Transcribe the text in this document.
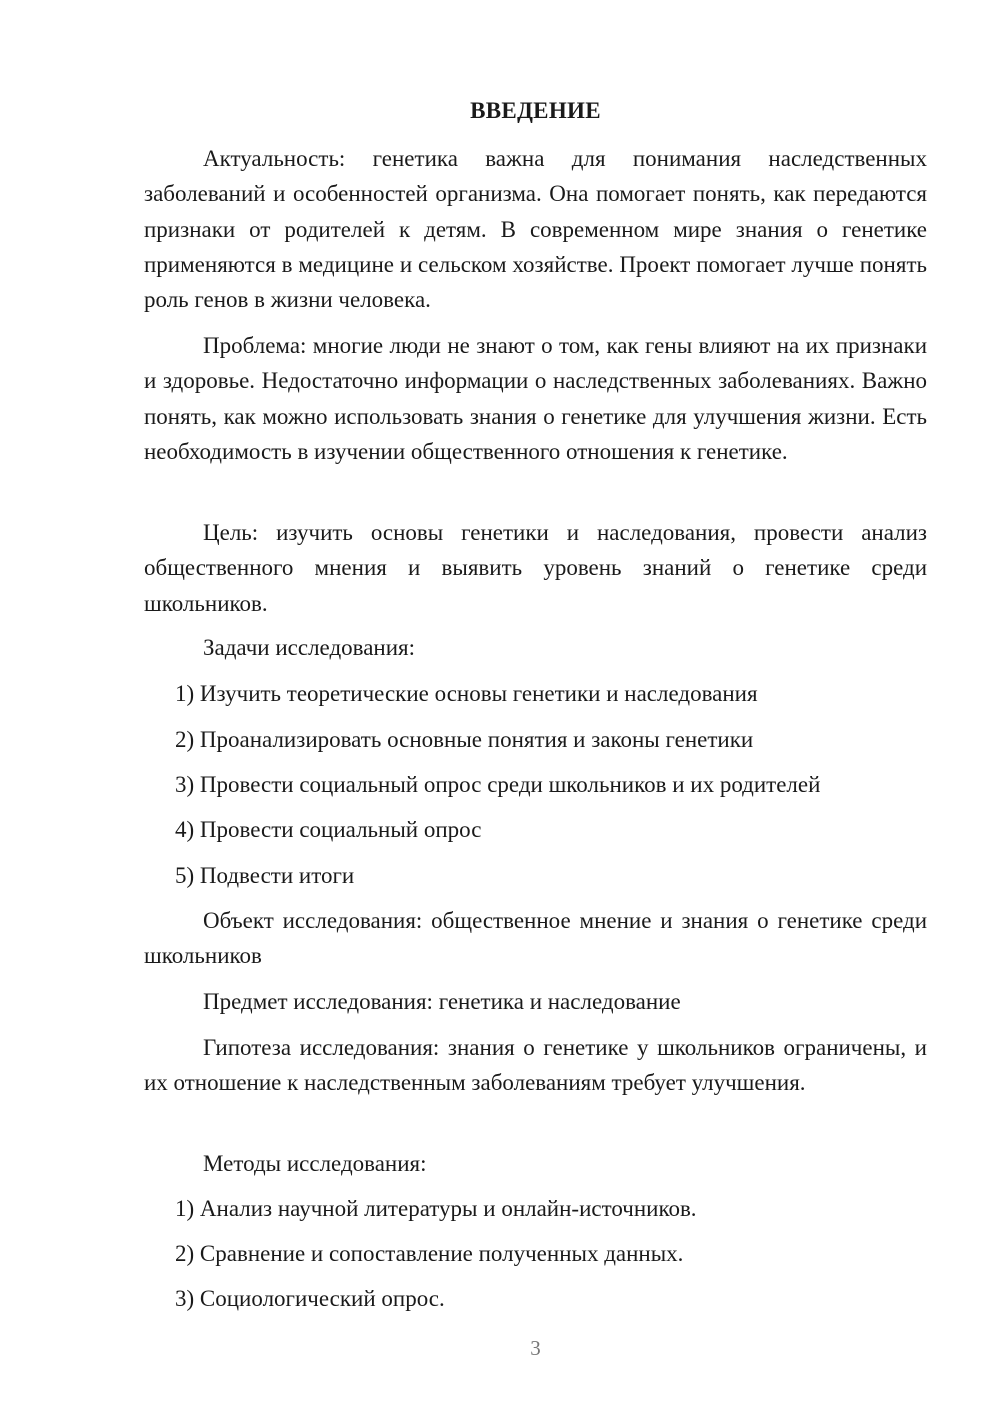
ВВЕДЕНИЕ

Актуальность: генетика важна для понимания наследственных заболеваний и особенностей организма. Она помогает понять, как передаются признаки от родителей к детям. В современном мире знания о генетике применяются в медицине и сельском хозяйстве. Проект помогает лучше понять роль генов в жизни человека.

Проблема: многие люди не знают о том, как гены влияют на их признаки и здоровье. Недостаточно информации о наследственных заболеваниях. Важно понять, как можно использовать знания о генетике для улучшения жизни. Есть необходимость в изучении общественного отношения к генетике.

Цель: изучить основы генетики и наследования, провести анализ общественного мнения и выявить уровень знаний о генетике среди школьников.

Задачи исследования:
1) Изучить теоретические основы генетики и наследования
2) Проанализировать основные понятия и законы генетики
3) Провести социальный опрос среди школьников и их родителей
4) Провести социальный опрос
5) Подвести итоги

Объект исследования: общественное мнение и знания о генетике среди школьников

Предмет исследования: генетика и наследование

Гипотеза исследования: знания о генетике у школьников ограничены, и их отношение к наследственным заболеваниям требует улучшения.

Методы исследования:
1) Анализ научной литературы и онлайн-источников.
2) Сравнение и сопоставление полученных данных.
3) Социологический опрос.
3
